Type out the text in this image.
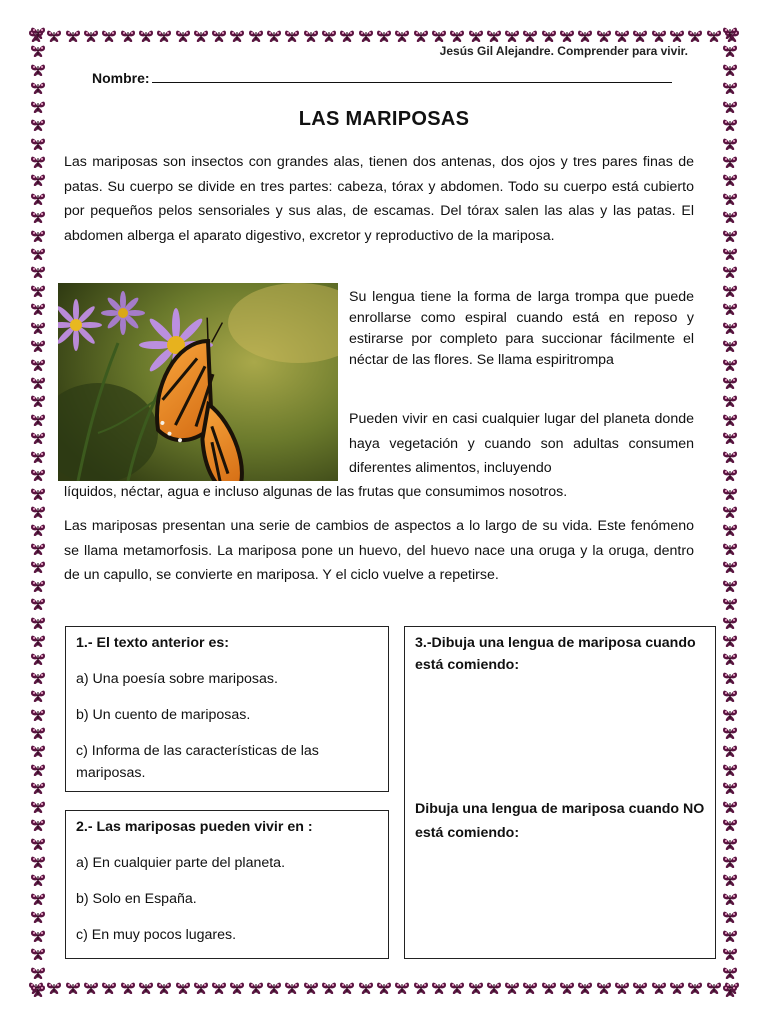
Jesús Gil Alejandre. Comprender para vivir.
Nombre:
LAS MARIPOSAS
Las mariposas son insectos con grandes alas, tienen dos antenas, dos ojos y tres pares finas de patas. Su cuerpo se divide en tres partes: cabeza, tórax y abdomen. Todo su cuerpo está cubierto por pequeños pelos sensoriales y sus alas, de escamas. Del tórax salen las alas y las patas. El abdomen alberga el aparato digestivo, excretor y reproductivo de la mariposa.
Su lengua tiene la forma de larga trompa que puede enrollarse como espiral cuando está en reposo y estirarse por completo para succionar fácilmente el néctar de las flores. Se llama espiritrompa
Pueden vivir en casi cualquier lugar del planeta donde haya vegetación y cuando son adultas consumen diferentes alimentos, incluyendo
líquidos, néctar, agua e incluso algunas de las frutas que consumimos nosotros.
Las mariposas presentan una serie de cambios de aspectos a lo largo de su vida. Este fenómeno se llama metamorfosis. La mariposa pone un huevo, del huevo nace una oruga y la oruga, dentro de un capullo, se convierte en mariposa. Y el ciclo vuelve a repetirse.
1.- El texto anterior es:
a) Una poesía sobre mariposas.
b) Un cuento de mariposas.
c) Informa de las características de las mariposas.
2.- Las mariposas pueden vivir en :
a) En cualquier parte del planeta.
b) Solo en España.
c) En muy pocos lugares.
3.-Dibuja una lengua de mariposa cuando está comiendo:
Dibuja una lengua de mariposa cuando NO está comiendo:
